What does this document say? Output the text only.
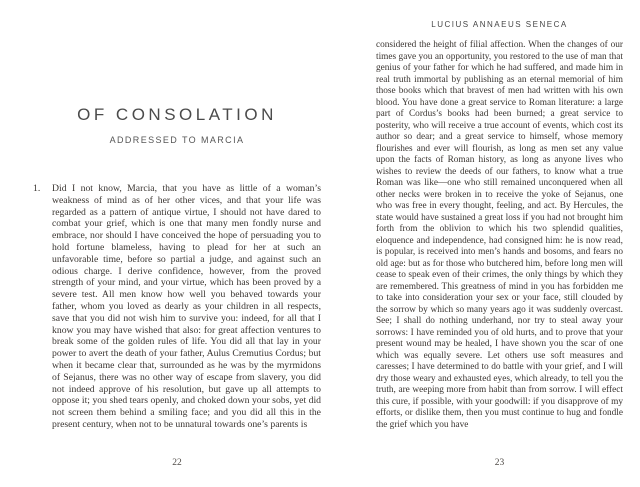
OF CONSOLATION
ADDRESSED TO MARCIA
1.	Did I not know, Marcia, that you have as little of a woman’s weakness of mind as of her other vices, and that your life was regarded as a pattern of antique virtue, I should not have dared to combat your grief, which is one that many men fondly nurse and embrace, nor should I have conceived the hope of persuading you to hold fortune blameless, having to plead for her at such an unfavorable time, before so partial a judge, and against such an odious charge. I derive confidence, however, from the proved strength of your mind, and your virtue, which has been proved by a severe test. All men know how well you behaved towards your father, whom you loved as dearly as your children in all respects, save that you did not wish him to survive you: indeed, for all that I know you may have wished that also: for great affection ventures to break some of the golden rules of life. You did all that lay in your power to avert the death of your father, Aulus Cremutius Cordus; but when it became clear that, surrounded as he was by the myrmidons of Sejanus, there was no other way of escape from slavery, you did not indeed approve of his resolution, but gave up all attempts to oppose it; you shed tears openly, and choked down your sobs, yet did not screen them behind a smiling face; and you did all this in the present century, when not to be unnatural towards one’s parents is
22
LUCIUS ANNAEUS SENECA
considered the height of filial affection. When the changes of our times gave you an opportunity, you restored to the use of man that genius of your father for which he had suffered, and made him in real truth immortal by publishing as an eternal memorial of him those books which that bravest of men had written with his own blood. You have done a great service to Roman literature: a large part of Cordus’s books had been burned; a great service to posterity, who will receive a true account of events, which cost its author so dear; and a great service to himself, whose memory flourishes and ever will flourish, as long as men set any value upon the facts of Roman history, as long as anyone lives who wishes to review the deeds of our fathers, to know what a true Roman was like—one who still remained unconquered when all other necks were broken in to receive the yoke of Sejanus, one who was free in every thought, feeling, and act. By Hercules, the state would have sustained a great loss if you had not brought him forth from the oblivion to which his two splendid qualities, eloquence and independence, had consigned him: he is now read, is popular, is received into men’s hands and bosoms, and fears no old age: but as for those who butchered him, before long men will cease to speak even of their crimes, the only things by which they are remembered. This greatness of mind in you has forbidden me to take into consideration your sex or your face, still clouded by the sorrow by which so many years ago it was suddenly overcast. See; I shall do nothing underhand, nor try to steal away your sorrows: I have reminded you of old hurts, and to prove that your present wound may be healed, I have shown you the scar of one which was equally severe. Let others use soft measures and caresses; I have determined to do battle with your grief, and I will dry those weary and exhausted eyes, which already, to tell you the truth, are weeping more from habit than from sorrow. I will effect this cure, if possible, with your goodwill: if you disapprove of my efforts, or dislike them, then you must continue to hug and fondle the grief which you have
23
